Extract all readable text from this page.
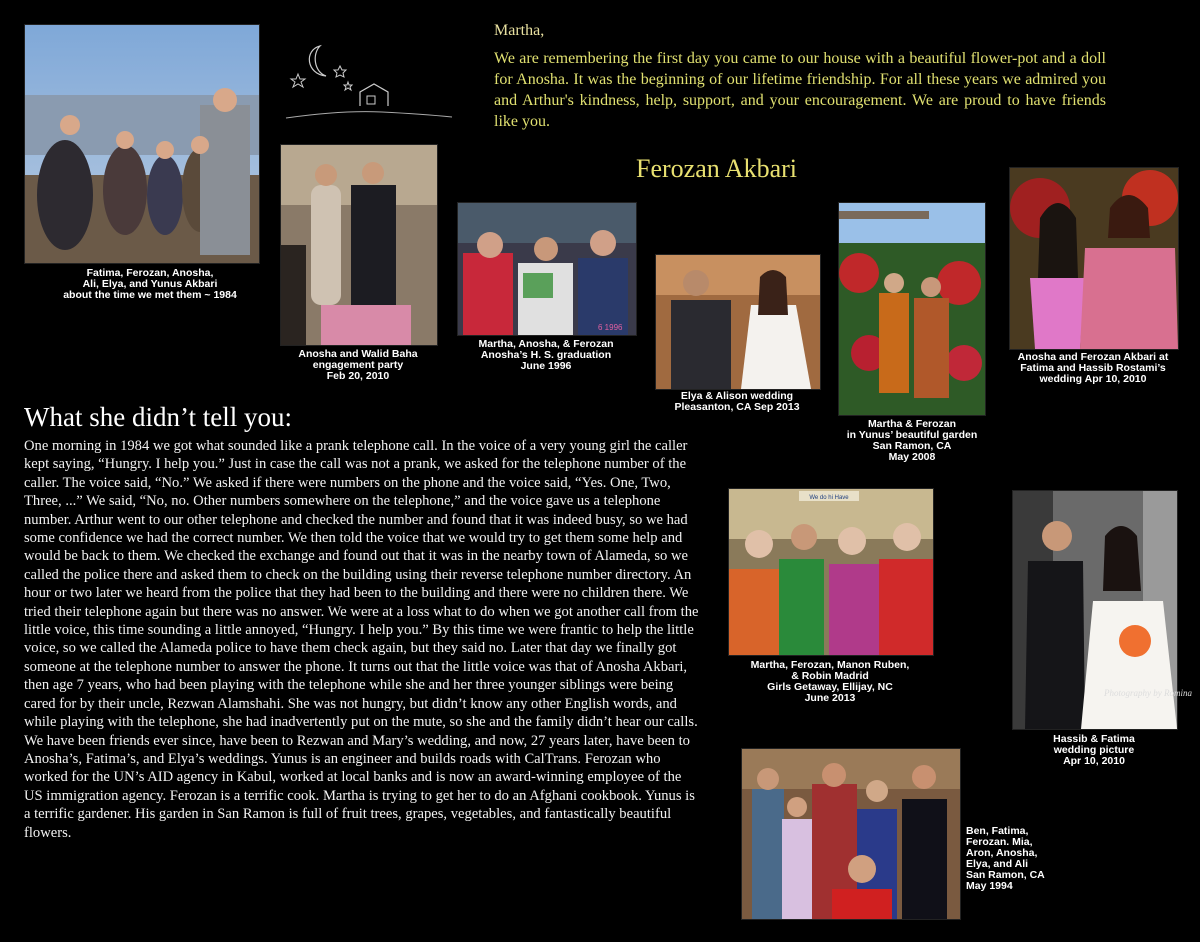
Fatima, Ferozan, Anosha,
Ali, Elya, and Yunus Akbari
about the time we met them ~ 1984
Martha,

We are remembering the first day you came to our house with a beautiful flower-pot and a doll for Anosha. It was the beginning of our lifetime friendship. For all these years we admired you and Arthur's kindness, help, support, and your encouragement. We are proud to have friends like you.

Ferozan Akbari
Anosha and Walid Baha
engagement party
Feb 20, 2010
6 1996
Martha, Anosha, & Ferozan
Anosha’s H. S. graduation
June 1996
Elya & Alison wedding
Pleasanton, CA Sep 2013
Martha & Ferozan
in Yunus’ beautiful garden
San Ramon, CA
May 2008
Anosha and Ferozan Akbari at
Fatima and Hassib Rostami’s
wedding Apr 10, 2010
What she didn’t tell you:

One morning in 1984 we got what sounded like a prank telephone call. In the voice of a very young girl the caller kept saying, “Hungry. I help you.” Just in case the call was not a prank, we asked for the telephone number of the caller. The voice said, “No.” We asked if there were numbers on the phone and the voice said, “Yes. One, Two, Three, ...” We said, “No, no. Other numbers somewhere on the telephone,” and the voice gave us a telephone number. Arthur went to our other telephone and checked the number and found that it was indeed busy, so we had some confidence we had the correct number. We then told the voice that we would try to get them some help and would be back to them. We checked the exchange and found out that it was in the nearby town of Alameda, so we called the police there and asked them to check on the building using their reverse telephone number directory. An hour or two later we heard from the police that they had been to the building and there were no children there. We tried their telephone again but there was no answer. We were at a loss what to do when we got another call from the little voice, this time sounding a little annoyed, “Hungry. I help you.” By this time we were frantic to help the little voice, so we called the Alameda police to have them check again, but they said no. Later that day we finally got someone at the telephone number to answer the phone. It turns out that the little voice was that of Anosha Akbari, then age 7 years, who had been playing with the telephone while she and her three younger siblings were being cared for by their uncle, Rezwan Alamshahi. She was not hungry, but didn’t know any other English words, and while playing with the telephone, she had inadvertently put on the mute, so she and the family didn’t hear our calls. We have been friends ever since, have been to Rezwan and Mary’s wedding, and now, 27 years later, have been to Anosha’s, Fatima’s, and Elya’s weddings. Yunus is an engineer and builds roads with CalTrans. Ferozan who worked for the UN’s AID agency in Kabul, worked at local banks and is now an award-winning employee of the US immigration agency. Ferozan is a terrific cook. Martha is trying to get her to do an Afghani cookbook. Yunus is a terrific gardener. His garden in San Ramon is full of fruit trees, grapes, vegetables, and fantastically beautiful flowers.

We do hi Have
Martha, Ferozan, Manon Ruben,
& Robin Madrid
Girls Getaway, Ellijay, NC
June 2013	Photography by Romina
Hassib & Fatima
wedding picture
Apr 10, 2010
Ben, Fatima,
Ferozan. Mia,
Aron, Anosha,
Elya, and Ali
San Ramon, CA
May 1994
